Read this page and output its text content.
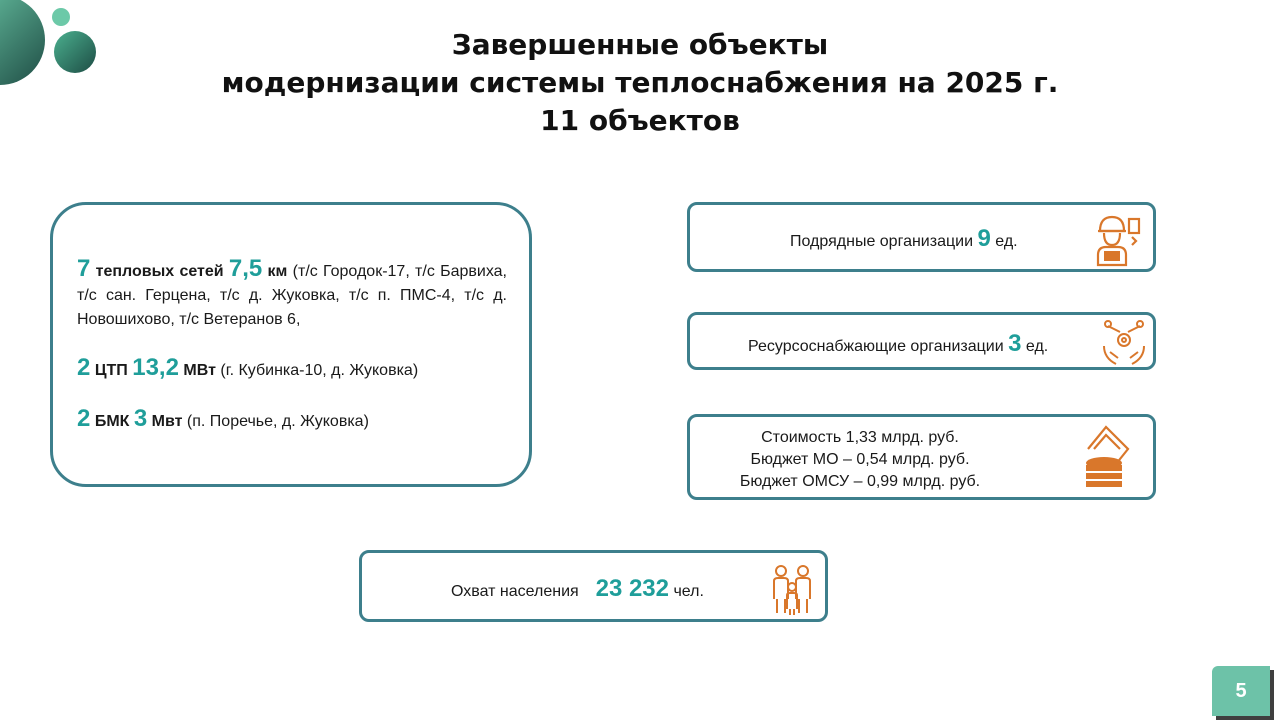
Завершенные объекты
модернизации системы теплоснабжения на 2025 г.
11 объектов

7 тепловых сетей 7,5 км (т/с Городок-17, т/с Барвиха, т/с сан. Герцена, т/с д. Жуковка, т/с п. ПМС-4, т/с д. Новошихово, т/с Ветеранов 6,

2 ЦТП 13,2 МВт (г. Кубинка-10, д. Жуковка)

2 БМК 3 Мвт (п. Поречье, д. Жуковка)

Подрядные организации 9 ед.
Ресурсоснабжающие организации 3 ед.
Стоимость 1,33 млрд. руб.
Бюджет МО – 0,54 млрд. руб.
Бюджет ОМСУ – 0,99 млрд. руб.
Охват населения 23 232 чел.
5
